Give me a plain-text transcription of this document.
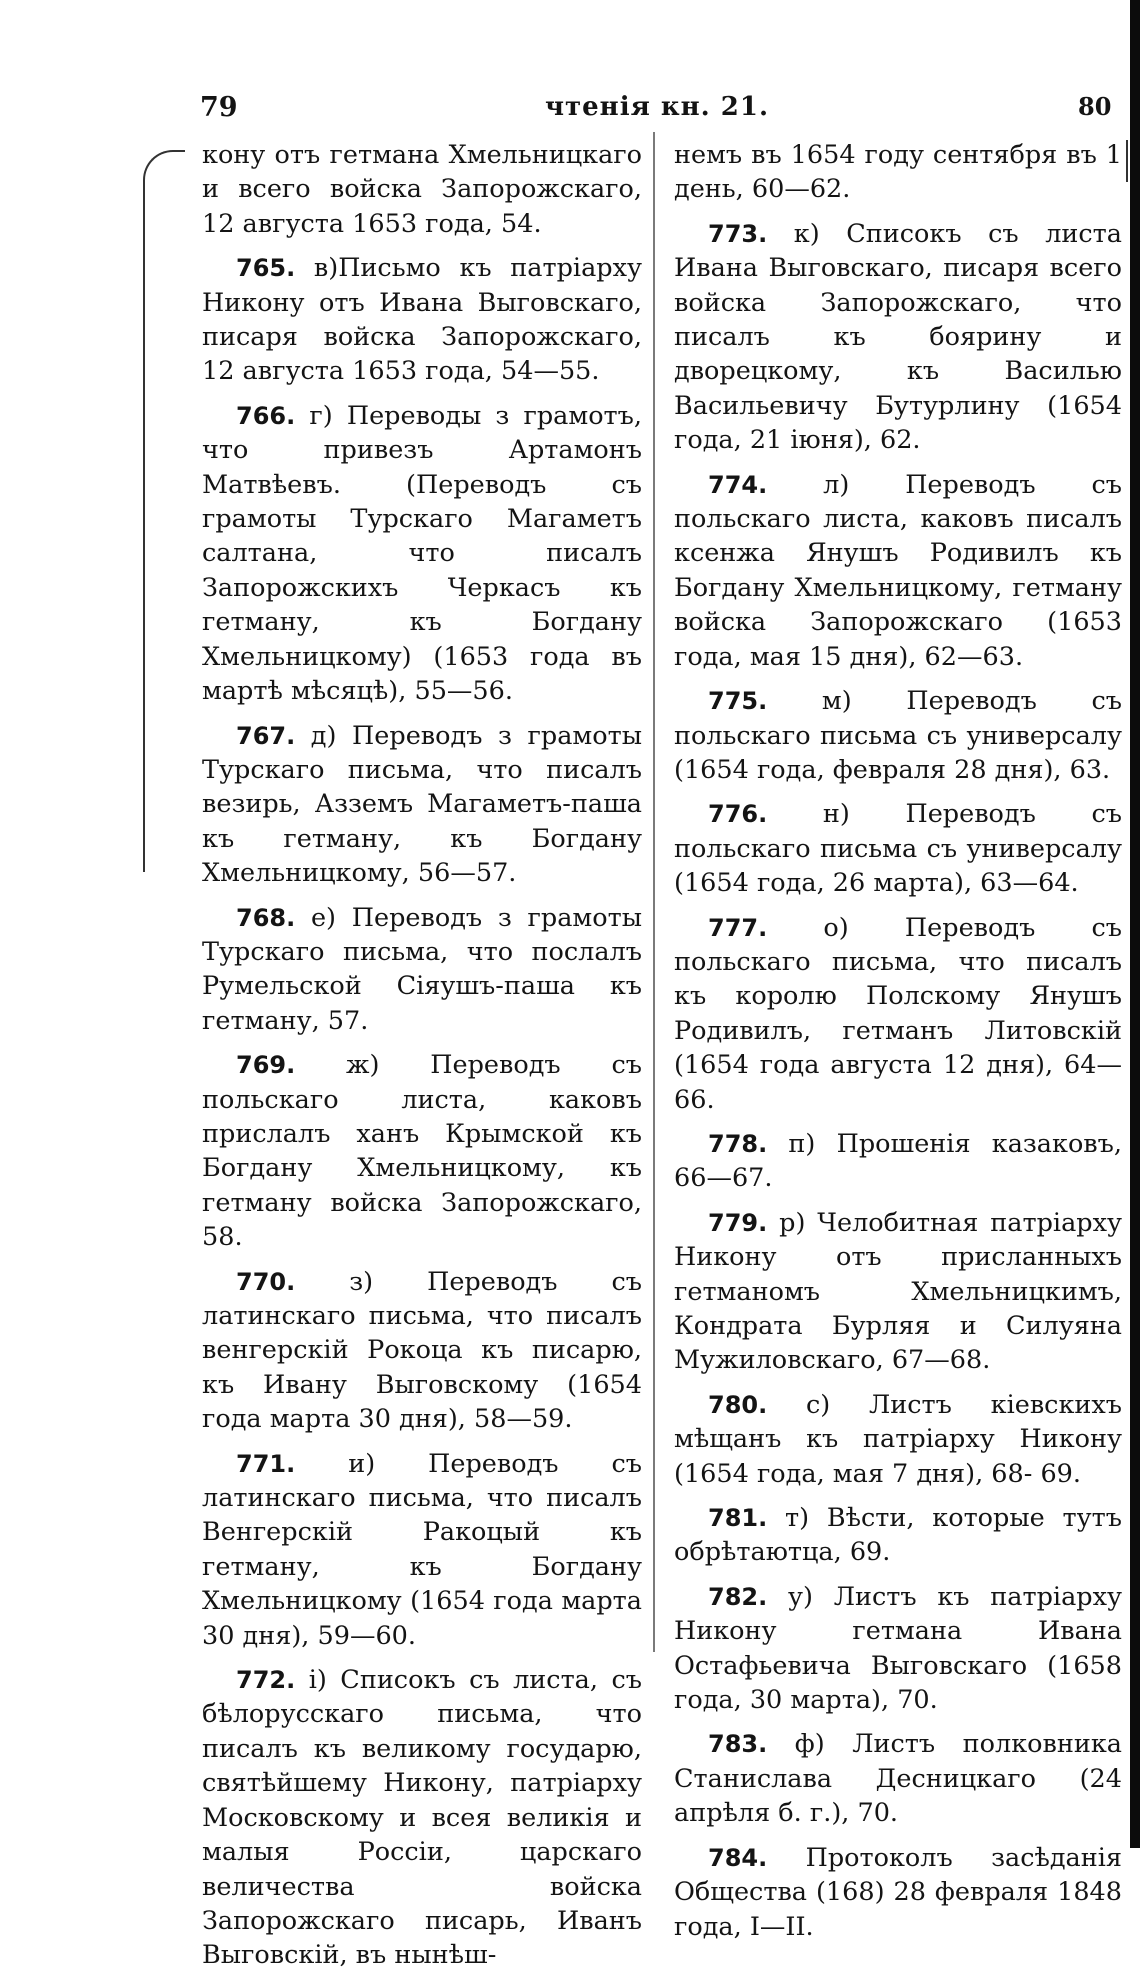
79	чтенія кн. 21.	80

кону отъ гетмана Хмельницкаго и всего войска Запорожскаго, 12 августа 1653 года, 54.

765. в)Письмо къ патріарху Никону отъ Ивана Выговскаго, писаря войска Запорожскаго, 12 августа 1653 года, 54—55.

766. г) Переводы з грамотъ, что привезъ Артамонъ Матвѣевъ. (Переводъ съ грамоты Турскаго Магаметъ салтана, что писалъ Запорожскихъ Черкасъ къ гетману, къ Богдану Хмельницкому) (1653 года въ мартѣ мѣсяцѣ), 55—56.

767. д) Переводъ з грамоты Турскаго письма, что писалъ везирь, Азземъ Магаметъ-паша къ гетману, къ Богдану Хмельницкому, 56—57.

768. е) Переводъ з грамоты Турскаго письма, что послалъ Румельской Сіяушъ-паша къ гетману, 57.

769. ж) Переводъ съ польскаго листа, каковъ прислалъ ханъ Крымской къ Богдану Хмельницкому, къ гетману войска Запорожскаго, 58.

770. з) Переводъ съ латинскаго письма, что писалъ венгерскій Рокоца къ писарю, къ Ивану Выговскому (1654 года марта 30 дня), 58—59.

771. и) Переводъ съ латинскаго письма, что писалъ Венгерскій Ракоцый къ гетману, къ Богдану Хмельницкому (1654 года марта 30 дня), 59—60.

772. і) Списокъ съ листа, съ бѣлорусскаго письма, что писалъ къ великому государю, святѣйшему Никону, патріарху Московскому и всея великія и малыя Россіи, царскаго величества войска Запорожскаго писарь, Иванъ Выговскій, въ нынѣш-

немъ въ 1654 году сентября въ 1 день, 60—62.

773. к) Списокъ съ листа Ивана Выговскаго, писаря всего войска Запорожскаго, что писалъ къ боярину и дворецкому, къ Василью Васильевичу Бутурлину (1654 года, 21 іюня), 62.

774. л) Переводъ съ польскаго листа, каковъ писалъ ксенжа Янушъ Родивилъ къ Богдану Хмельницкому, гетману войска Запорожскаго (1653 года, мая 15 дня), 62—63.

775. м) Переводъ съ польскаго письма съ универсалу (1654 года, февраля 28 дня), 63.

776. н) Переводъ съ польскаго письма съ универсалу (1654 года, 26 марта), 63—64.

777. о) Переводъ съ польскаго письма, что писалъ къ королю Полскому Янушъ Родивилъ, гетманъ Литовскій (1654 года августа 12 дня), 64—66.

778. п) Прошенія казаковъ, 66—67.

779. р) Челобитная патріарху Никону отъ присланныхъ гетманомъ Хмельницкимъ, Кондрата Бурляя и Силуяна Мужиловскаго, 67—68.

780. с) Листъ кіевскихъ мѣщанъ къ патріарху Никону (1654 года, мая 7 дня), 68- 69.

781. т) Вѣсти, которые тутъ обрѣтаютца, 69.

782. у) Листъ къ патріарху Никону гетмана Ивана Остафьевича Выговскаго (1658 года, 30 марта), 70.

783. ф) Листъ полковника Станислава Десницкаго (24 апрѣля б. г.), 70.

784. Протоколъ засѣданія Общества (168) 28 февраля 1848 года, I—II.
